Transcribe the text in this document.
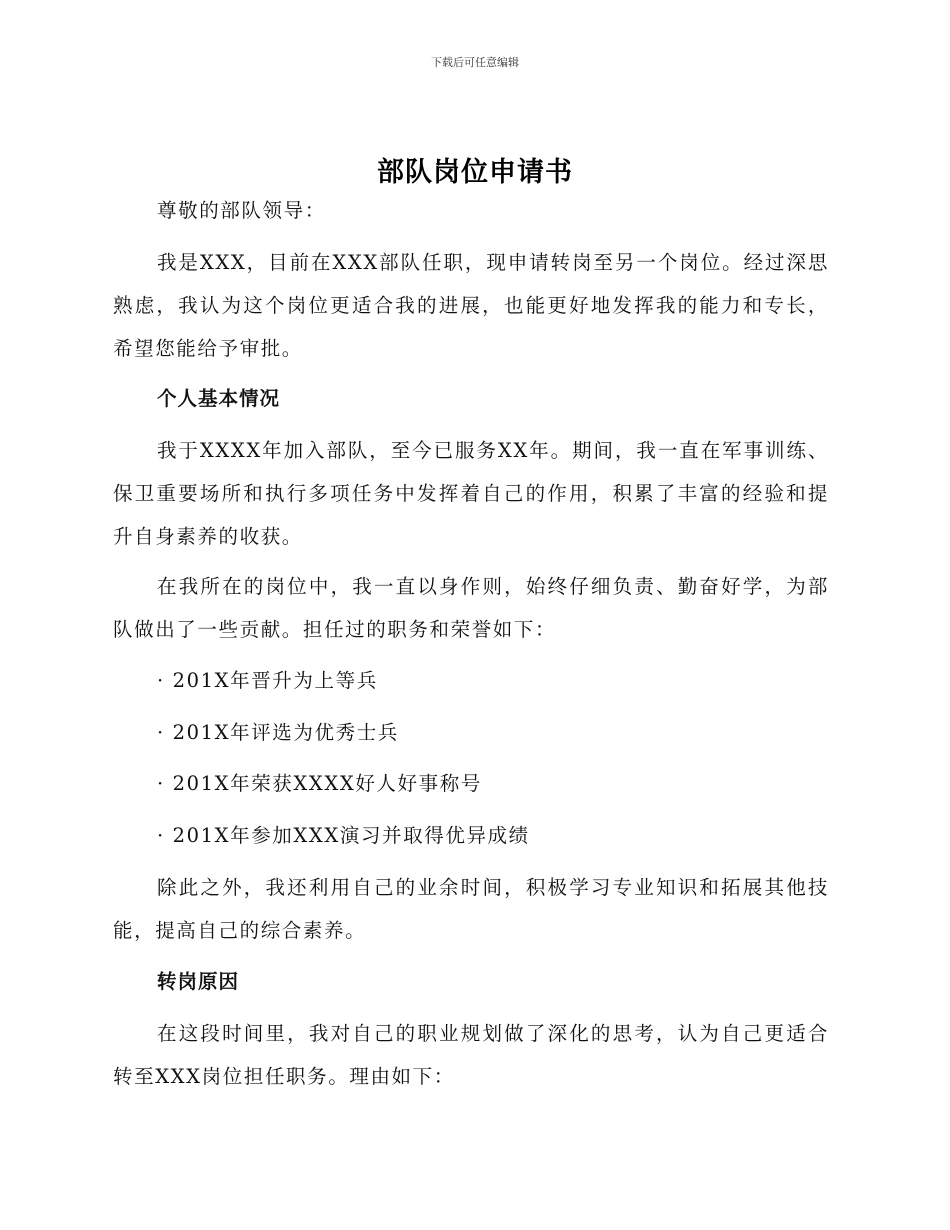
下载后可任意编辑
部队岗位申请书
尊敬的部队领导：

我是XXX，目前在XXX部队任职，现申请转岗至另一个岗位。经过深思熟虑，我认为这个岗位更适合我的进展，也能更好地发挥我的能力和专长，希望您能给予审批。

个人基本情况

我于XXXX年加入部队，至今已服务XX年。期间，我一直在军事训练、保卫重要场所和执行多项任务中发挥着自己的作用，积累了丰富的经验和提升自身素养的收获。

在我所在的岗位中，我一直以身作则，始终仔细负责、勤奋好学，为部队做出了一些贡献。担任过的职务和荣誉如下：

· 201X年晋升为上等兵
· 201X年评选为优秀士兵
· 201X年荣获XXXX好人好事称号
· 201X年参加XXX演习并取得优异成绩

除此之外，我还利用自己的业余时间，积极学习专业知识和拓展其他技能，提高自己的综合素养。

转岗原因

在这段时间里，我对自己的职业规划做了深化的思考，认为自己更适合转至XXX岗位担任职务。理由如下：
